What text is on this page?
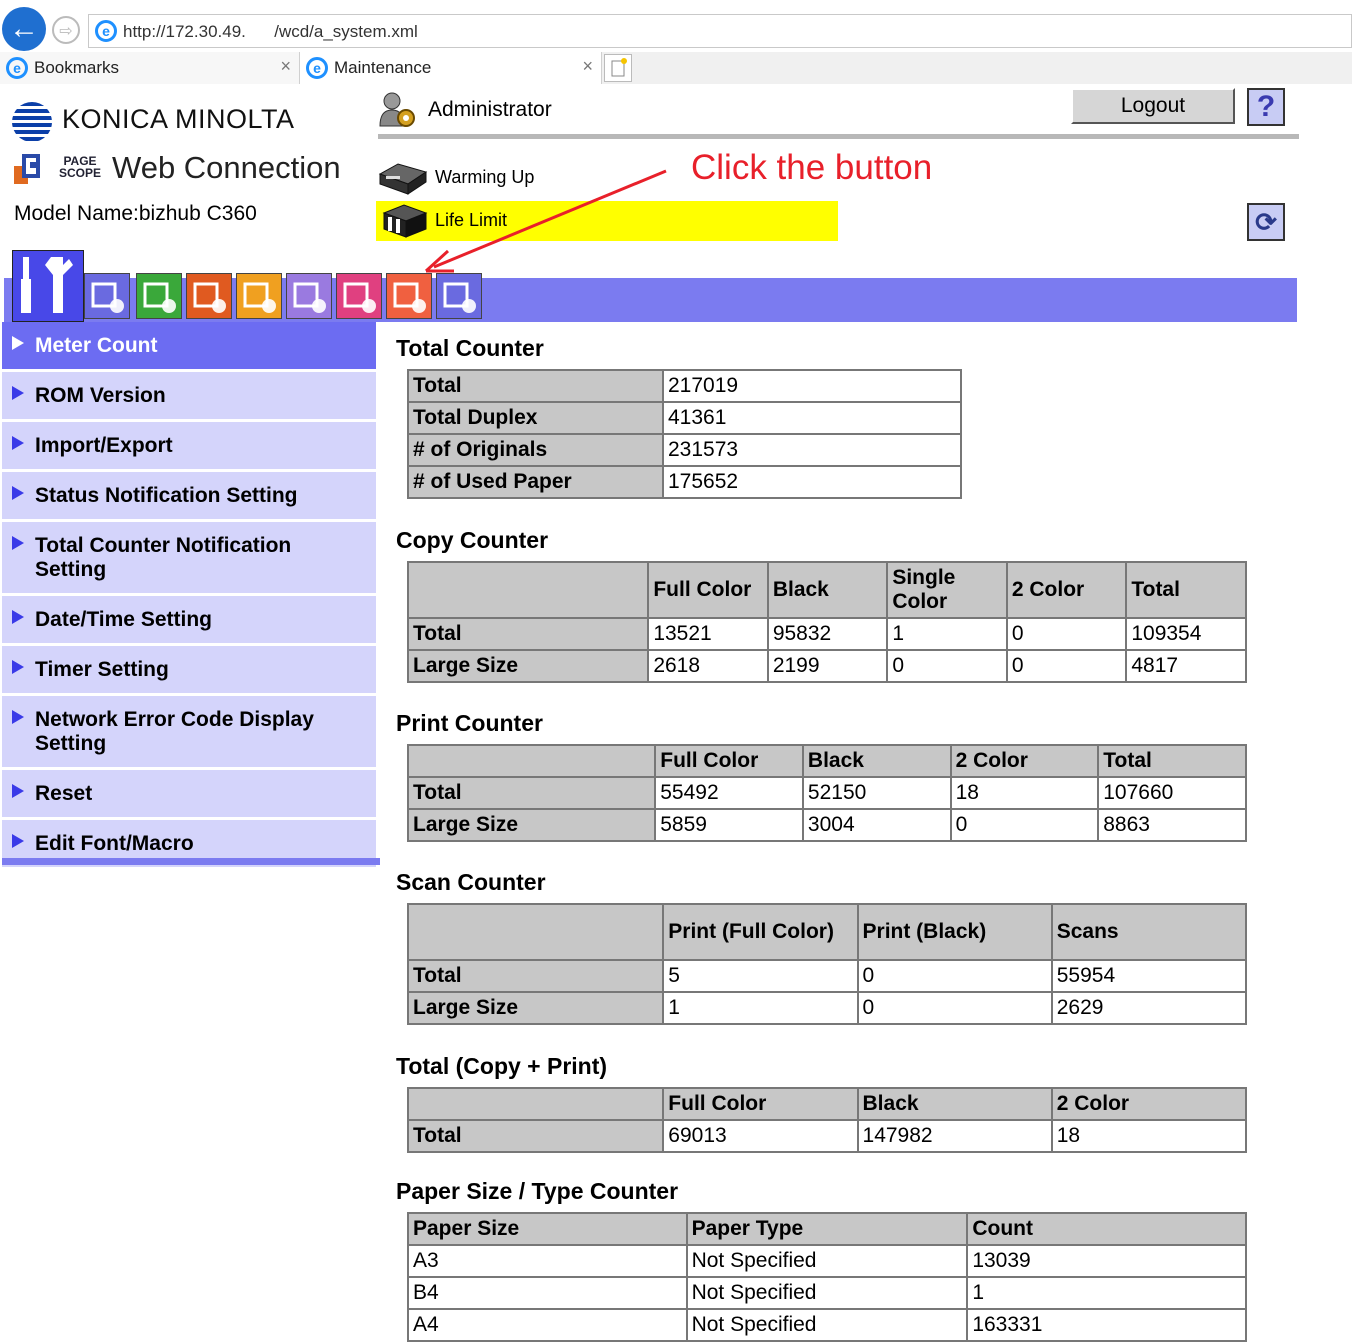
←	⇨	e http://172.30.49.      /wcd/a_system.xml
e Bookmarks	×	e Maintenance	×
KONICA MINOLTA
PAGE SCOPE Web Connection
Model Name:bizhub C360
Administrator	Logout	?
Warming Up
Life Limit
Click the button
⟳
Meter Count
ROM Version
Import/Export
Status Notification Setting
Total Counter Notification Setting
Date/Time Setting
Timer Setting
Network Error Code Display Setting
Reset
Edit Font/Macro
Total Counter
Total	217019
Total Duplex	41361
# of Originals	231573
# of Used Paper	175652
Copy Counter
	Full Color	Black	Single Color	2 Color	Total
Total	13521	95832	1	0	109354
Large Size	2618	2199	0	0	4817
Print Counter
	Full Color	Black	2 Color	Total
Total	55492	52150	18	107660
Large Size	5859	3004	0	8863
Scan Counter
	Print (Full Color)	Print (Black)	Scans
Total	5	0	55954
Large Size	1	0	2629
Total (Copy + Print)
	Full Color	Black	2 Color
Total	69013	147982	18
Paper Size / Type Counter
Paper Size	Paper Type	Count
A3	Not Specified	13039
B4	Not Specified	1
A4	Not Specified	163331
